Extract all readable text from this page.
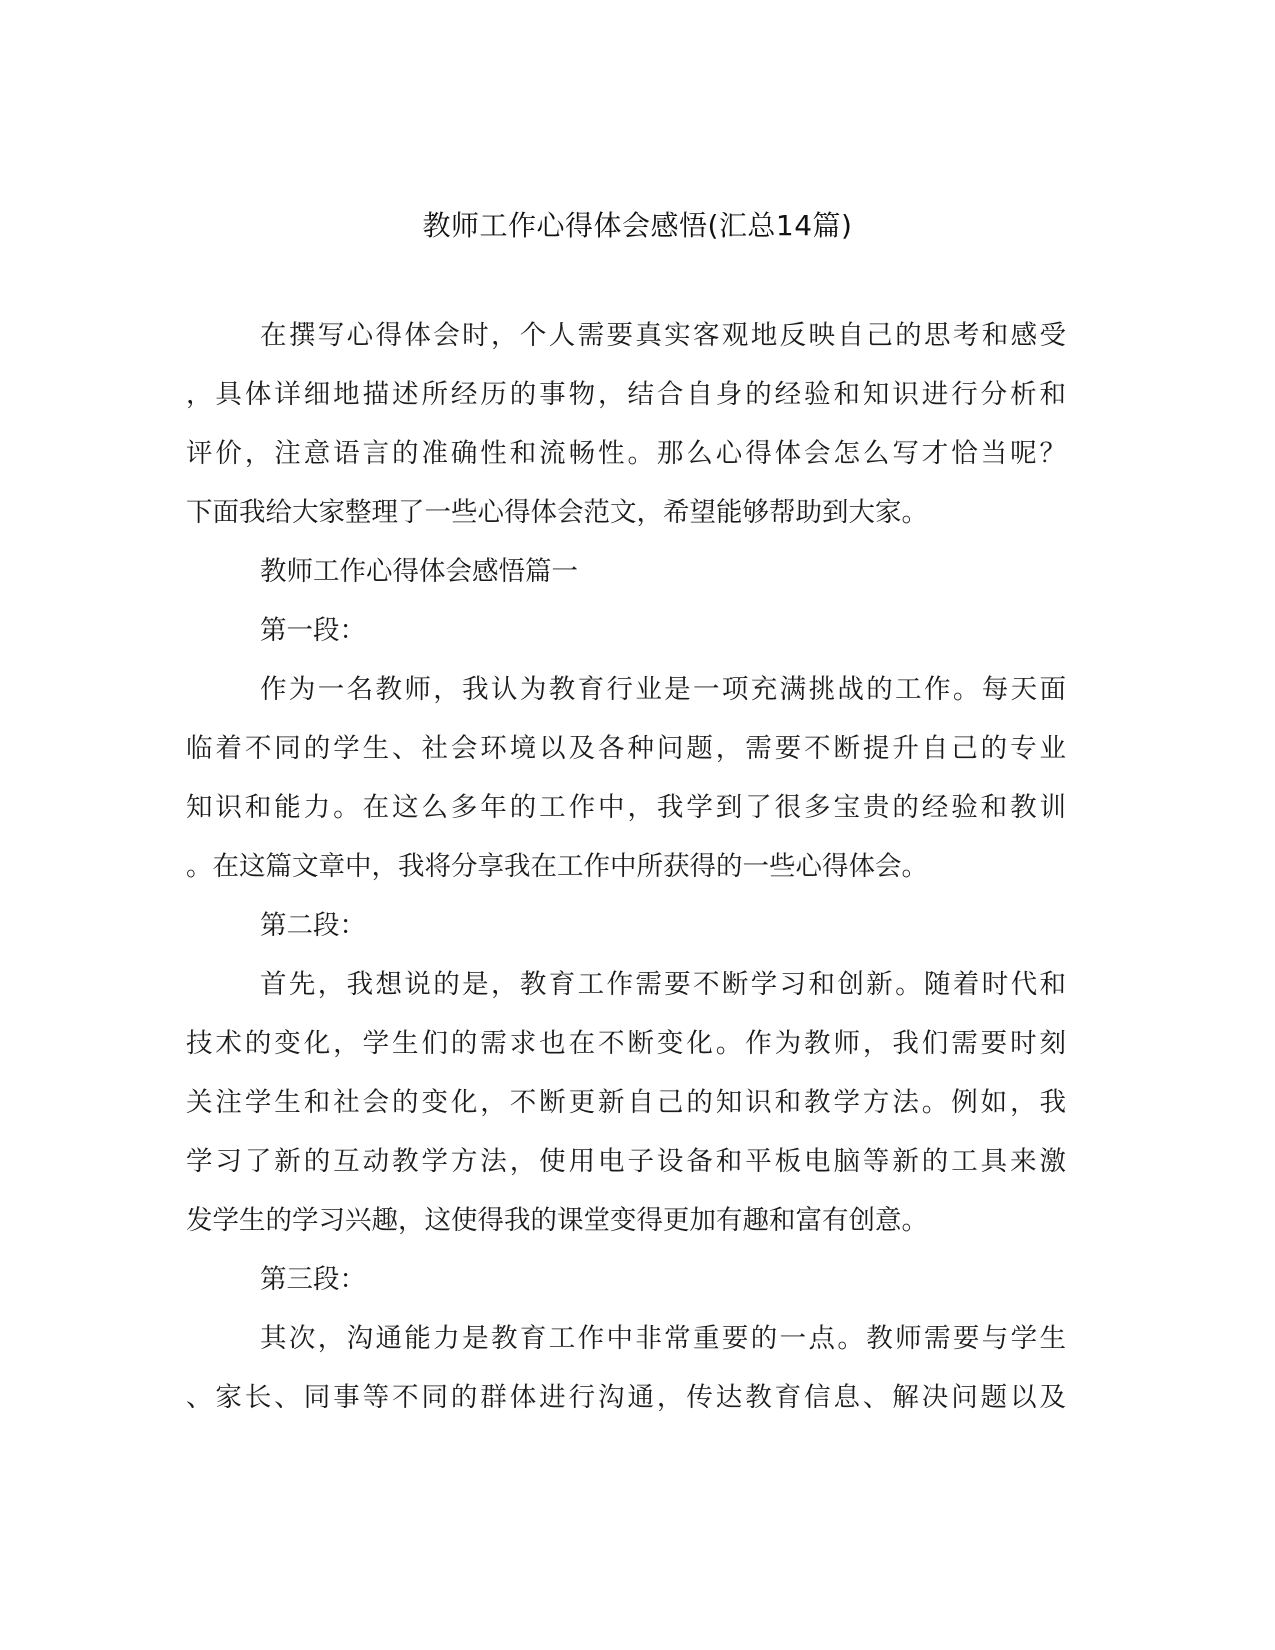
教师工作心得体会感悟(汇总14篇)
在撰写心得体会时，个人需要真实客观地反映自己的思考和感受
，具体详细地描述所经历的事物，结合自身的经验和知识进行分析和
评价，注意语言的准确性和流畅性。那么心得体会怎么写才恰当呢？
下面我给大家整理了一些心得体会范文，希望能够帮助到大家。
教师工作心得体会感悟篇一
第一段：
作为一名教师，我认为教育行业是一项充满挑战的工作。每天面
临着不同的学生、社会环境以及各种问题，需要不断提升自己的专业
知识和能力。在这么多年的工作中，我学到了很多宝贵的经验和教训
。在这篇文章中，我将分享我在工作中所获得的一些心得体会。
第二段：
首先，我想说的是，教育工作需要不断学习和创新。随着时代和
技术的变化，学生们的需求也在不断变化。作为教师，我们需要时刻
关注学生和社会的变化，不断更新自己的知识和教学方法。例如，我
学习了新的互动教学方法，使用电子设备和平板电脑等新的工具来激
发学生的学习兴趣，这使得我的课堂变得更加有趣和富有创意。
第三段：
其次，沟通能力是教育工作中非常重要的一点。教师需要与学生
、家长、同事等不同的群体进行沟通，传达教育信息、解决问题以及
